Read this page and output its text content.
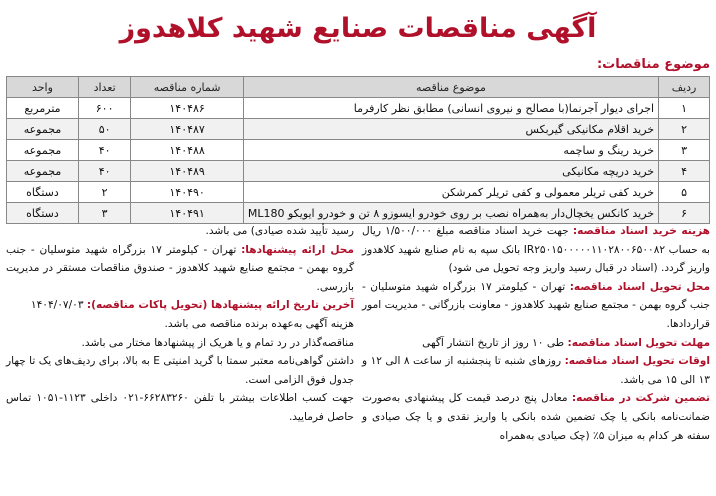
آگهی مناقصات صنایع شهید کلاهدوز
موضوع مناقصات:
ردیف	موضوع مناقصه	شماره مناقصه	تعداد	واحد
۱	اجرای دیوار آجرنما(با مصالح و نیروی انسانی) مطابق نظر کارفرما	۱۴۰۴۸۶	۶۰۰	مترمربع
۲	خرید اقلام مکانیکی گیربکس	۱۴۰۴۸۷	۵۰	مجموعه
۳	خرید رینگ و ساچمه	۱۴۰۴۸۸	۴۰	مجموعه
۴	خرید دریچه مکانیکی	۱۴۰۴۸۹	۴۰	مجموعه
۵	خرید کفی تریلر معمولی و کفی تریلر کمرشکن	۱۴۰۴۹۰	۲	دستگاه
۶	خرید کانکس یخچال‌دار به‌همراه نصب بر روی خودرو ایسوزو ۸ تن و خودرو ایویکو ML180	۱۴۰۴۹۱	۳	دستگاه

هزینه خرید اسناد مناقصه: جهت خرید اسناد مناقصه مبلغ ۱/۵۰۰/۰۰۰ ریال به حساب IR۲۵۰۱۵۰۰۰۰۰۱۱۰۲۸۰۰۶۵۰۰۸۲ بانک سپه به نام صنایع شهید کلاهدوز واریز گردد. (اسناد در قبال رسید واریز وجه تحویل می شود)

محل تحویل اسناد مناقصه: تهران - کیلومتر ۱۷ بزرگراه شهید متوسلیان - جنب گروه بهمن - مجتمع صنایع شهید کلاهدوز - معاونت بازرگانی - مدیریت امور قراردادها.

مهلت تحویل اسناد مناقصه: طی ۱۰ روز از تاریخ انتشار آگهی

اوقات تحویل اسناد مناقصه: روزهای شنبه تا پنجشنبه از ساعت ۸ الی ۱۲ و ۱۳ الی ۱۵ می باشد.

تضمین شرکت در مناقصه: معادل پنج درصد قیمت کل پیشنهادی به‌صورت ضمانت‌نامه بانکی یا چک تضمین شده بانکی یا واریز نقدی و یا چک صیادی و سفته هر کدام به میزان ۵٪ (چک صیادی به‌همراه

رسید تأیید شده صیادی) می باشد.

محل ارائه پیشنهادها: تهران - کیلومتر ۱۷ بزرگراه شهید متوسلیان - جنب گروه بهمن - مجتمع صنایع شهید کلاهدوز - صندوق مناقصات مستقر در مدیریت بازرسی.

آخرین تاریخ ارائه پیشنهادها (تحویل پاکات مناقصه): ۱۴۰۴/۰۷/۰۳

هزینه آگهی به‌عهده برنده مناقصه می باشد.

مناقصه‌گذار در رد تمام و یا هریک از پیشنهادها مختار می باشد.

داشتن گواهی‌نامه معتبر سمتا با گرید امنیتی E به بالا، برای ردیف‌های یک تا چهار جدول فوق الزامی است.

جهت کسب اطلاعات بیشتر با تلفن ۶۶۲۸۳۲۶۰-۰۲۱ داخلی ۱۱۲۳-۱۰۵۱ تماس حاصل فرمایید.
